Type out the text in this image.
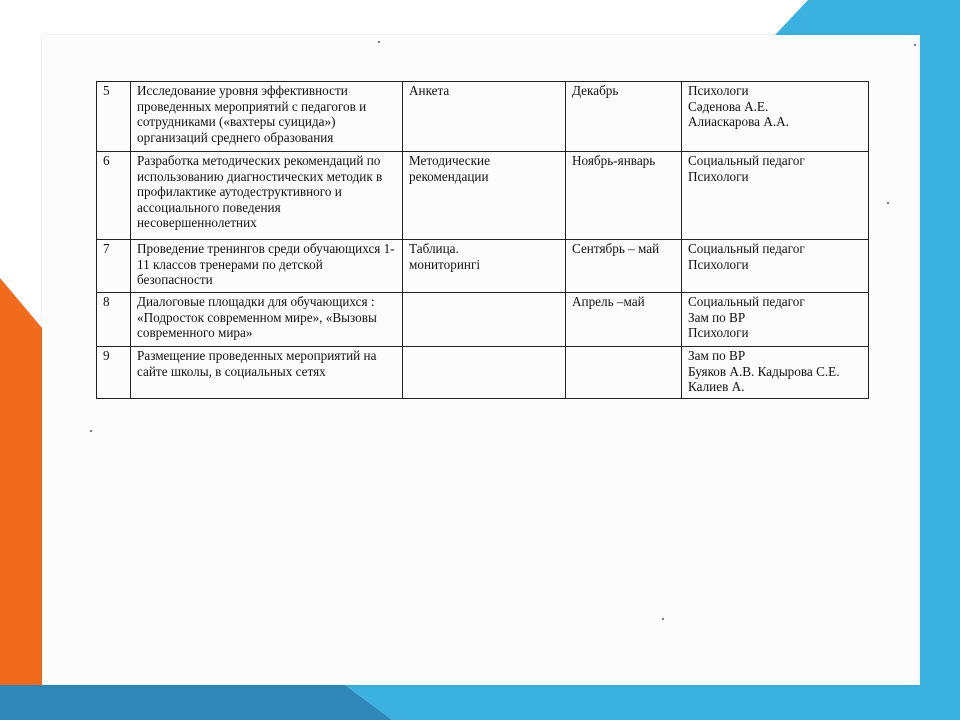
5	Исследование уровня эффективности проведенных мероприятий с педагогов и сотрудниками («вахтеры суицида») организаций среднего образования	Анкета	Декабрь	Психологи
Сәденова А.Е.
Алиаскарова А.А.
6	Разработка методических рекомендаций по использованию диагностических методик в профилактике аутодеструктивного и ассоциального поведения несовершеннолетних	Методические рекомендации	Ноябрь-январь	Социальный педагог
Психологи
7	Проведение тренингов среди обучающихся 1-11 классов тренерами по детской безопасности	Таблица.
мониторингі	Сентябрь – май	Социальный педагог
Психологи
8	Диалоговые площадки для обучающихся : «Подросток современном мире», «Вызовы современного мира»		Апрель –май	Социальный педагог
Зам по ВР
Психологи
9	Размещение проведенных мероприятий на сайте школы, в социальных сетях			Зам по ВР
Буяков А.В. Кадырова С.Е.
Калиев А.
